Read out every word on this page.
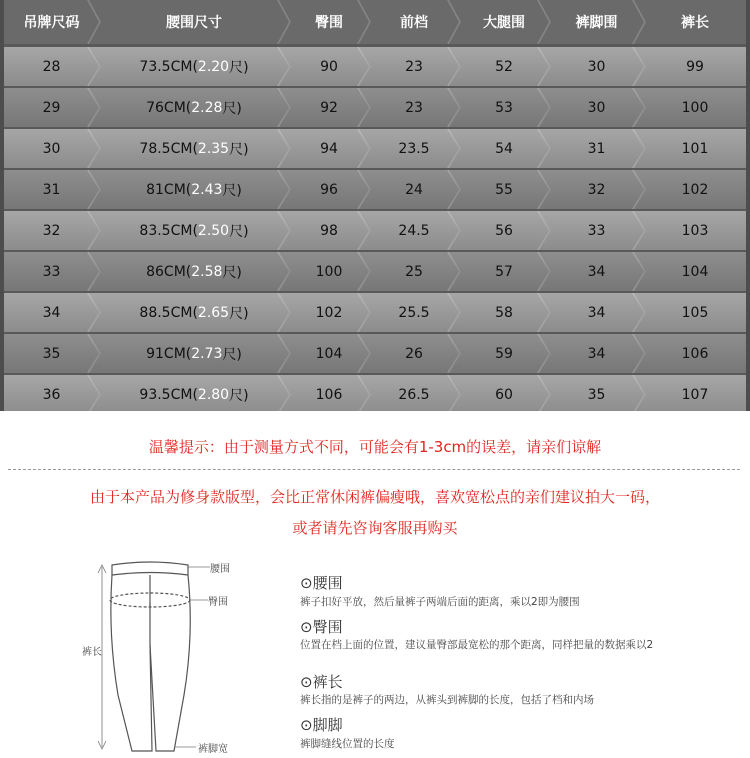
吊牌尺码	腰围尺寸	臀围	前档	大腿围	裤脚围	裤长
28	73.5CM( 2.20 尺)	90	23	52	30	99
29	76CM( 2.28 尺)	92	23	53	30	100
30	78.5CM( 2.35 尺)	94	23.5	54	31	101
31	81CM( 2.43 尺)	96	24	55	32	102
32	83.5CM( 2.50 尺)	98	24.5	56	33	103
33	86CM( 2.58 尺)	100	25	57	34	104
34	88.5CM( 2.65 尺)	102	25.5	58	34	105
35	91CM( 2.73 尺)	104	26	59	34	106
36	93.5CM( 2.80 尺)	106	26.5	60	35	107
温馨提示：由于测量方式不同，可能会有1-3cm的误差，请亲们谅解
由于本产品为修身款版型，会比正常休闲裤偏瘦哦，喜欢宽松点的亲们建议拍大一码，
或者请先咨询客服再购买
腰围
臀围
裤长
裤脚宽
⊙腰围
裤子扣好平放，然后量裤子两端后面的距离，乘以2即为腰围
⊙臀围
位置在档上面的位置，建议量臀部最宽松的那个距离，同样把量的数据乘以2
⊙裤长
裤长指的是裤子的两边，从裤头到裤脚的长度，包括了档和内场
⊙脚脚
裤脚缝线位置的长度
